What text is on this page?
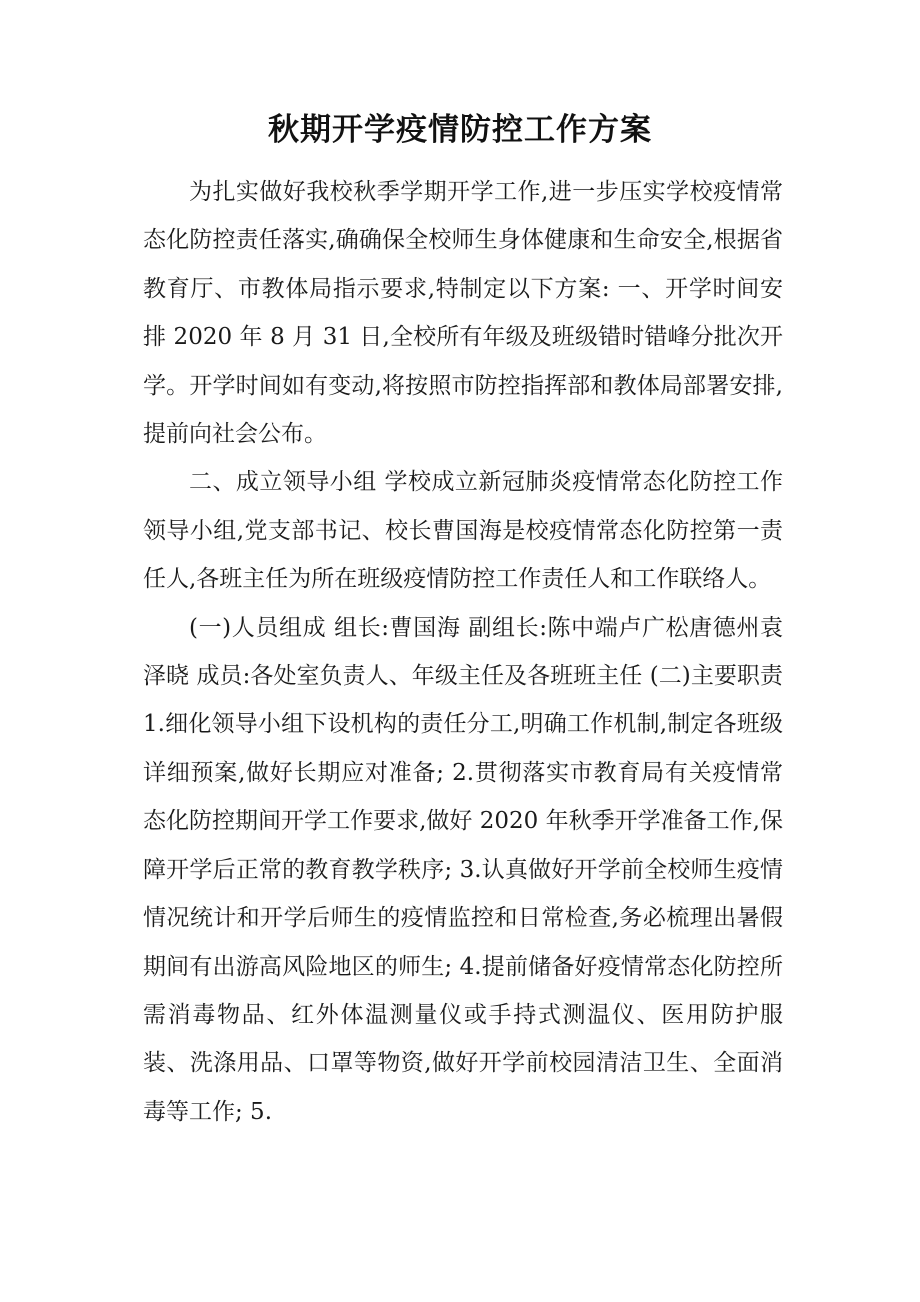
秋期开学疫情防控工作方案

为扎实做好我校秋季学期开学工作,进一步压实学校疫情常态化防控责任落实,确确保全校师生身体健康和生命安全,根据省教育厅、市教体局指示要求,特制定以下方案: 一、开学时间安排 2020 年 8 月 31 日,全校所有年级及班级错时错峰分批次开学。开学时间如有变动,将按照市防控指挥部和教体局部署安排,提前向社会公布。

二、成立领导小组 学校成立新冠肺炎疫情常态化防控工作领导小组,党支部书记、校长曹国海是校疫情常态化防控第一责任人,各班主任为所在班级疫情防控工作责任人和工作联络人。

(一)人员组成 组长:曹国海 副组长:陈中端卢广松唐德州袁泽晓 成员:各处室负责人、年级主任及各班班主任 (二)主要职责 1.细化领导小组下设机构的责任分工,明确工作机制,制定各班级详细预案,做好长期应对准备; 2.贯彻落实市教育局有关疫情常态化防控期间开学工作要求,做好 2020 年秋季开学准备工作,保障开学后正常的教育教学秩序; 3.认真做好开学前全校师生疫情情况统计和开学后师生的疫情监控和日常检查,务必梳理出暑假期间有出游高风险地区的师生; 4.提前储备好疫情常态化防控所需消毒物品、红外体温测量仪或手持式测温仪、医用防护服装、洗涤用品、口罩等物资,做好开学前校园清洁卫生、全面消毒等工作; 5.
